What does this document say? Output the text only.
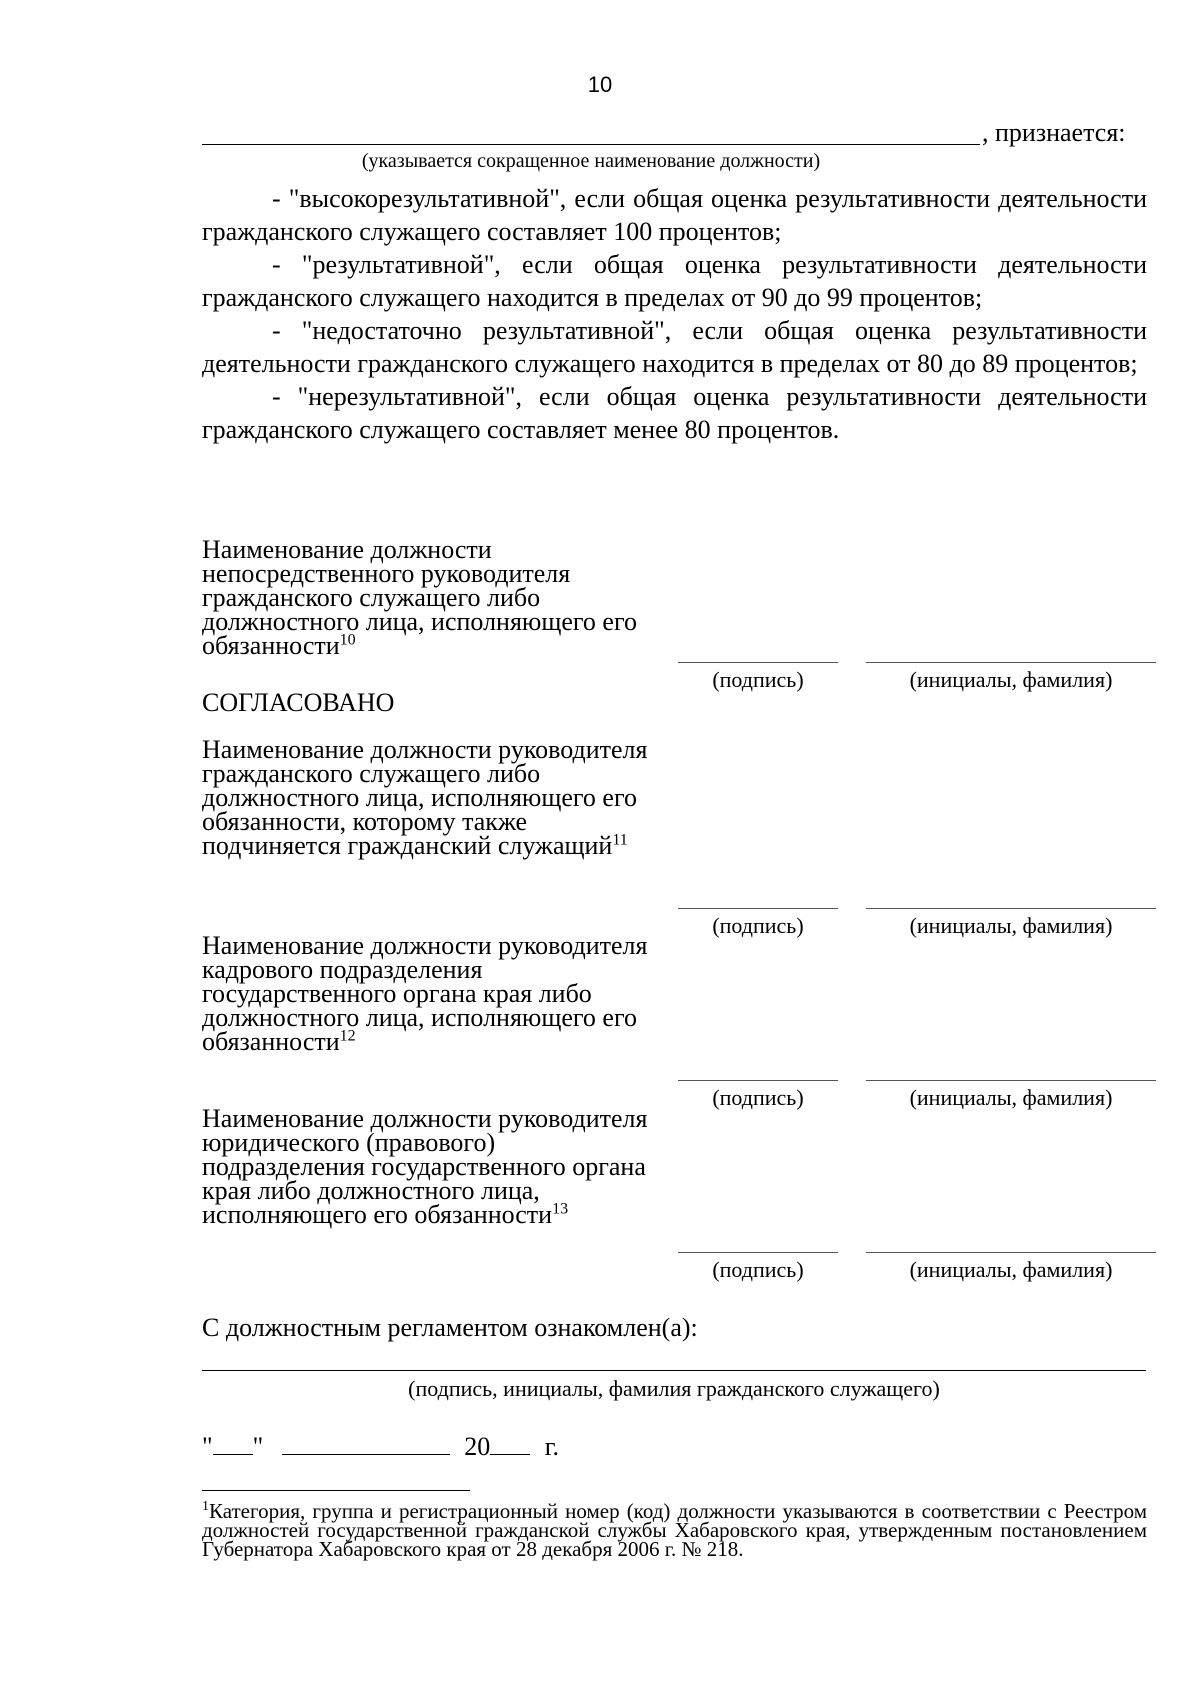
10
, признается:
(указывается сокращенное наименование должности)

- "высокорезультативной", если общая оценка результативности деятельности гражданского служащего составляет 100 процентов;

- "результативной", если общая оценка результативности деятельности гражданского служащего находится в пределах от 90 до 99 процентов;

- "недостаточно результативной", если общая оценка результативности деятельности гражданского служащего находится в пределах от 80 до 89 процентов;

- "нерезультативной", если общая оценка результативности деятельности гражданского служащего составляет менее 80 процентов.

Наименование должности непосредственного руководителя гражданского служащего либо должностного лица, исполняющего его обязанности$^{10}$
(подпись)	(инициалы, фамилия)
СОГЛАСОВАНО
Наименование должности руководителя гражданского служащего либо должностного лица, исполняющего его обязанности, которому также подчиняется гражданский служащий$^{11}$
(подпись)	(инициалы, фамилия)
Наименование должности руководителя кадрового подразделения государственного органа края либо должностного лица, исполняющего его обязанности$^{12}$
(подпись)	(инициалы, фамилия)
Наименование должности руководителя юридического (правового) подразделения государственного органа края либо должностного лица, исполняющего его обязанности$^{13}$
(подпись)	(инициалы, фамилия)
С должностным регламентом ознакомлен(а):
(подпись, инициалы, фамилия гражданского служащего)
" "	20 г.
$^1$Категория, группа и регистрационный номер (код) должности указываются в соответствии с Реестром должностей государственной гражданской службы Хабаровского края, утвержденным постановлением Губернатора Хабаровского края от 28 декабря 2006 г. № 218.
